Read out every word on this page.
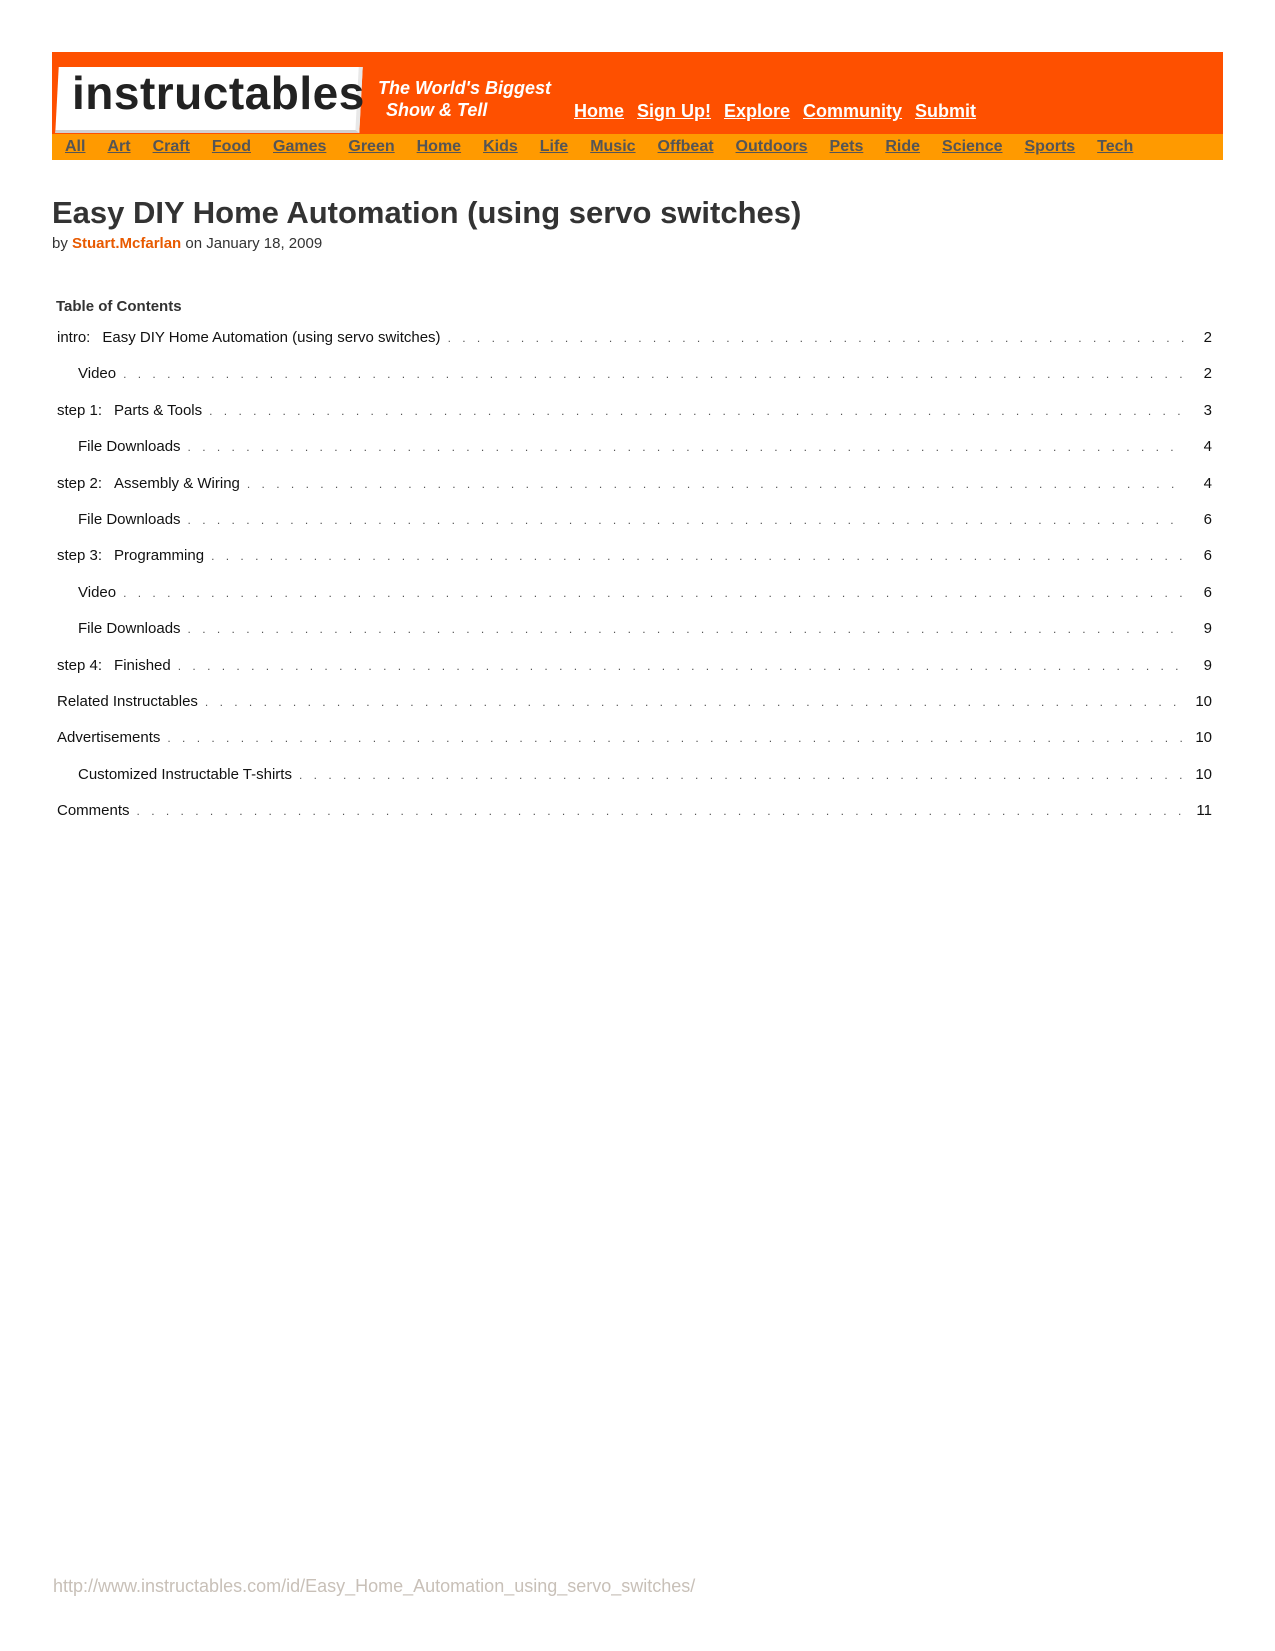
instructables The World's Biggest
Show & Tell	Home Sign Up! Explore Community Submit
All Art Craft Food Games Green Home Kids Life Music Offbeat Outdoors Pets Ride Science Sports Tech
Easy DIY Home Automation (using servo switches)
by Stuart.Mcfarlan on January 18, 2009
Table of Contents
intro: Easy DIY Home Automation (using servo switches) . . .	2
Video . . .	2
step 1: Parts & Tools . . .	3
File Downloads . . .	4
step 2: Assembly & Wiring . . .	4
File Downloads . . .	6
step 3: Programming . . .	6
Video . . .	6
File Downloads . . .	9
step 4: Finished . . .	9
Related Instructables . . .	10
Advertisements . . .	10
Customized Instructable T-shirts . . .	10
Comments . . .	11
http://www.instructables.com/id/Easy_Home_Automation_using_servo_switches/
